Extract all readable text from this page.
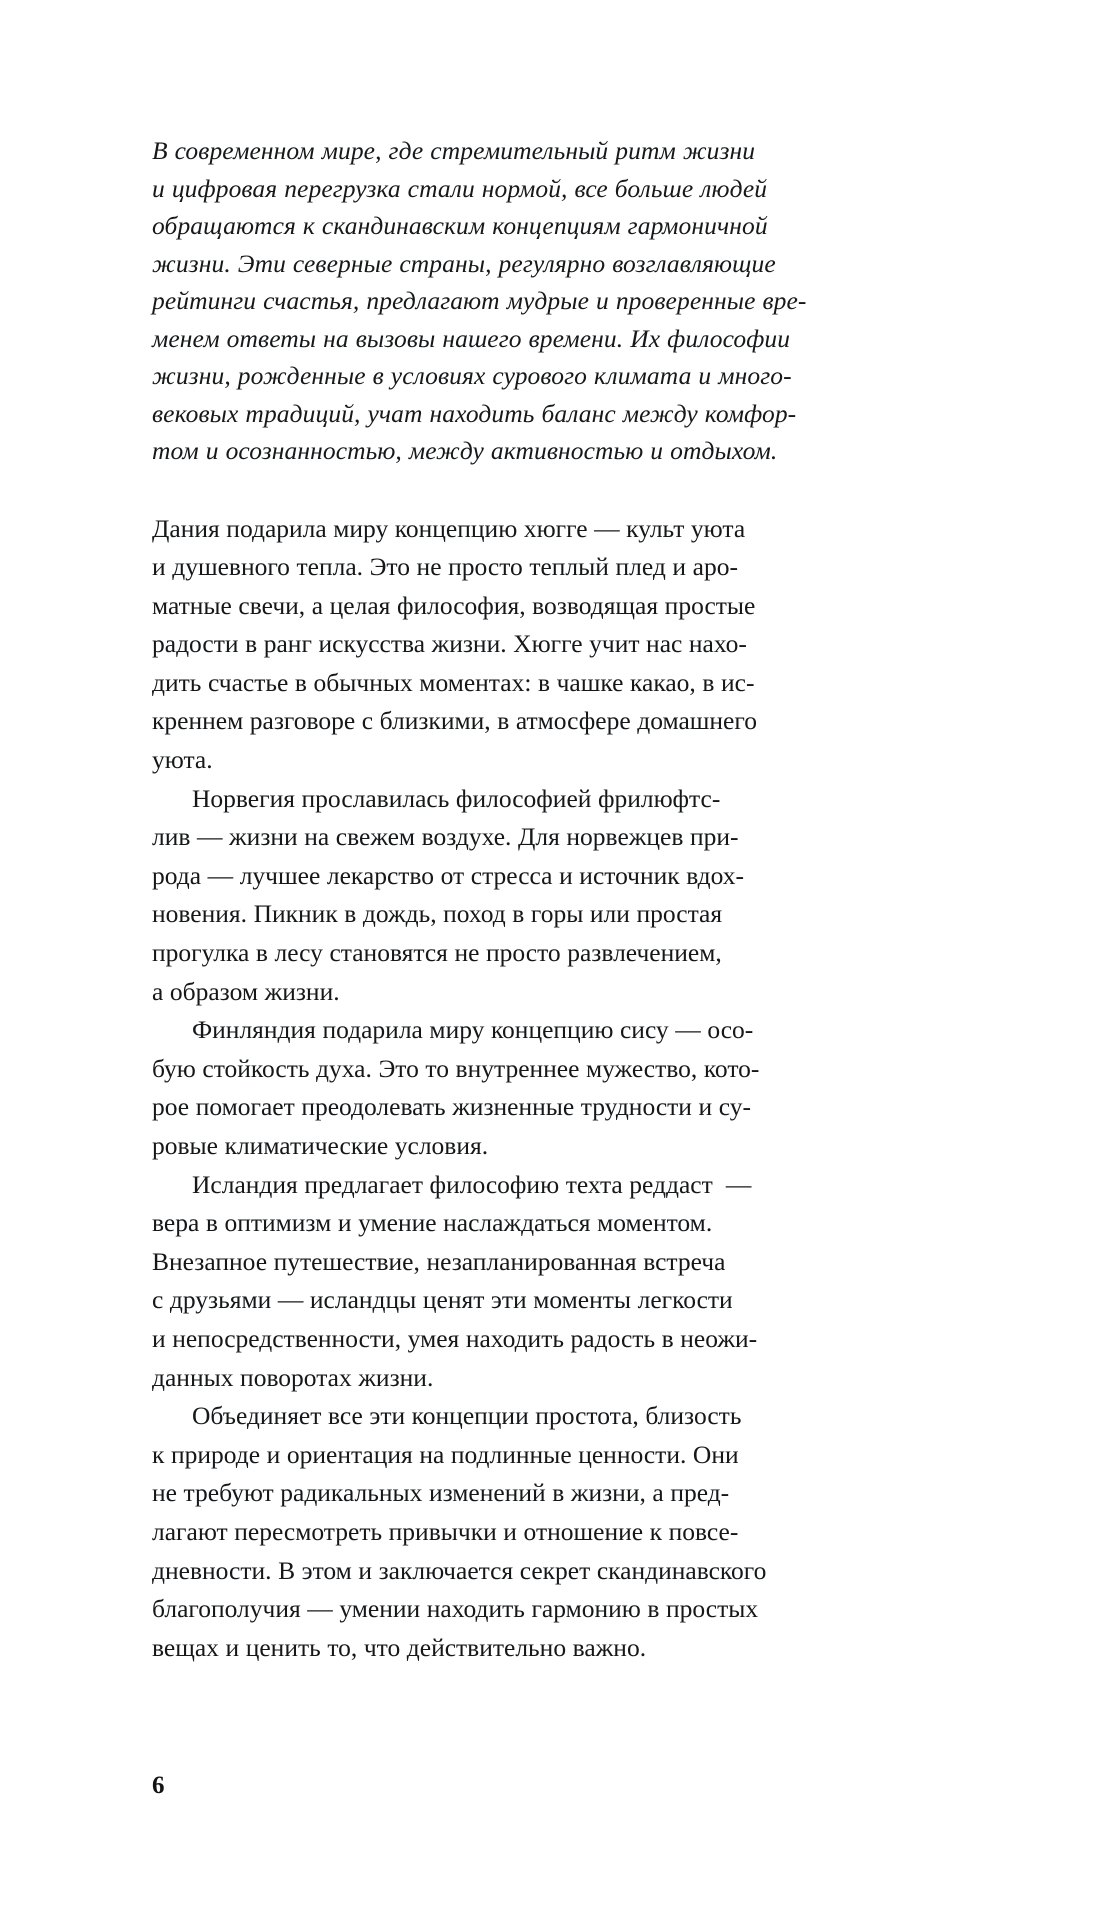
В современном мире, где стремительный ритм жизни
и цифровая перегрузка стали нормой, все больше людей
обращаются к скандинавским концепциям гармоничной
жизни. Эти северные страны, регулярно возглавляющие
рейтинги счастья, предлагают мудрые и проверенные вре-
менем ответы на вызовы нашего времени. Их философии
жизни, рожденные в условиях сурового климата и много-
вековых традиций, учат находить баланс между комфор-
том и осознанностью, между активностью и отдыхом.
Дания подарила миру концепцию хюгге — культ уюта
и душевного тепла. Это не просто теплый плед и аро-
матные свечи, а целая философия, возводящая простые
радости в ранг искусства жизни. Хюгге учит нас нахо-
дить счастье в обычных моментах: в чашке какао, в ис-
креннем разговоре с близкими, в атмосфере домашнего
уюта.
Норвегия прославилась философией фрилюфтс-
лив — жизни на свежем воздухе. Для норвежцев при-
рода — лучшее лекарство от стресса и источник вдох-
новения. Пикник в дождь, поход в горы или простая
прогулка в лесу становятся не просто развлечением,
а образом жизни.
Финляндия подарила миру концепцию сису — осо-
бую стойкость духа. Это то внутреннее мужество, кото-
рое помогает преодолевать жизненные трудности и су-
ровые климатические условия.
Исландия предлагает философию техта реддаст  —
вера в оптимизм и умение наслаждаться моментом.
Внезапное путешествие, незапланированная встреча
с друзьями — исландцы ценят эти моменты легкости
и непосредственности, умея находить радость в неожи-
данных поворотах жизни.
Объединяет все эти концепции простота, близость
к природе и ориентация на подлинные ценности. Они
не требуют радикальных изменений в жизни, а пред-
лагают пересмотреть привычки и отношение к повсе-
дневности. В этом и заключается секрет скандинавского
благополучия — умении находить гармонию в простых
вещах и ценить то, что действительно важно.
6
